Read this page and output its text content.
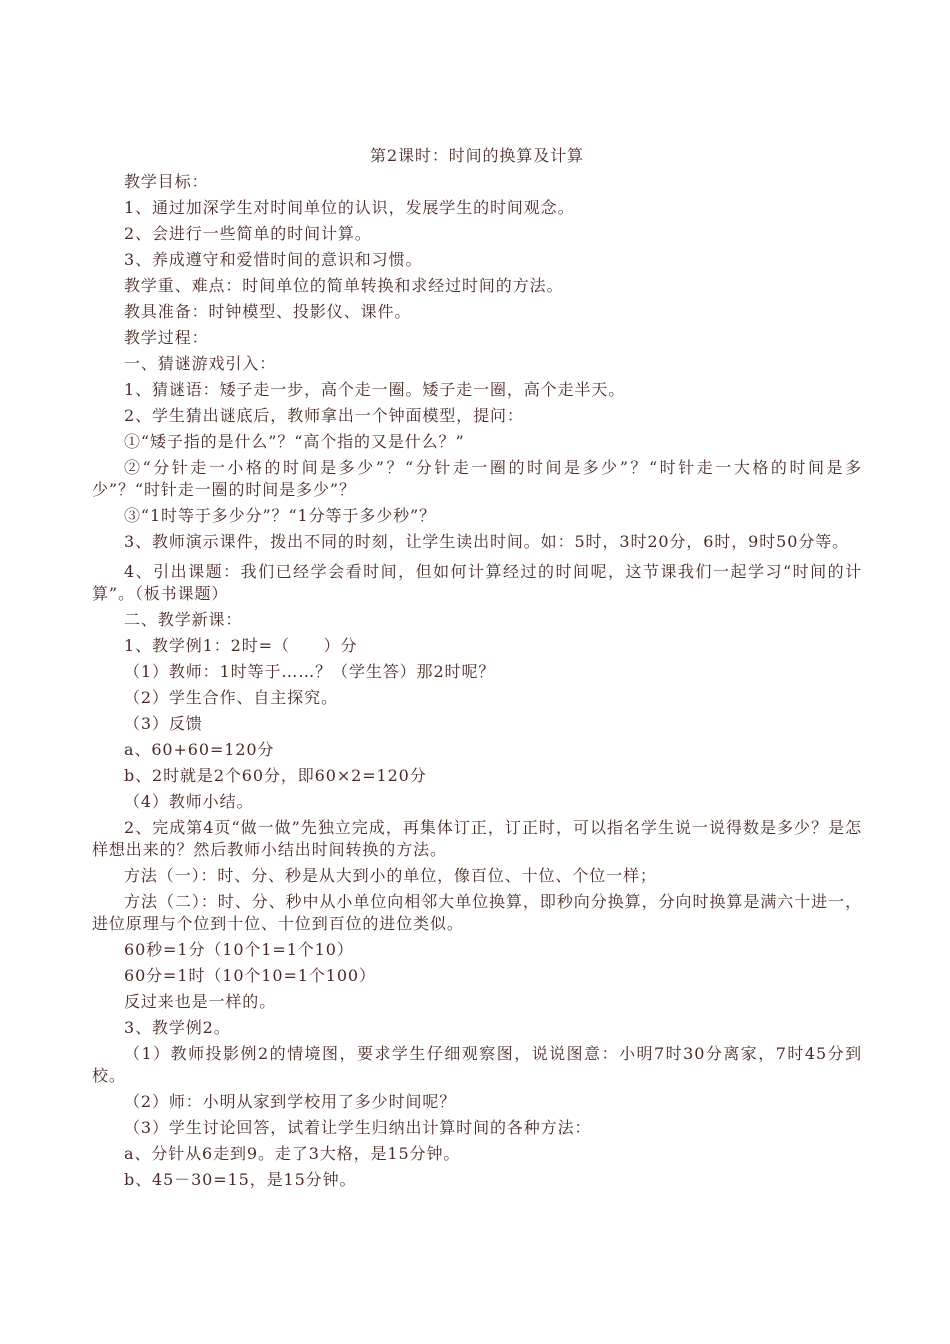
第2课时：时间的换算及计算

教学目标：

1、通过加深学生对时间单位的认识，发展学生的时间观念。

2、会进行一些简单的时间计算。

3、养成遵守和爱惜时间的意识和习惯。

教学重、难点：时间单位的简单转换和求经过时间的方法。

教具准备：时钟模型、投影仪、课件。

教学过程：

一、猜谜游戏引入：

1、猜谜语：矮子走一步，高个走一圈。矮子走一圈，高个走半天。

2、学生猜出谜底后，教师拿出一个钟面模型，提问：

①“矮子指的是什么”？“高个指的又是什么？”

②“分针走一小格的时间是多少”？“分针走一圈的时间是多少”？“时针走一大格的时间是多少”？“时针走一圈的时间是多少”？

③“1时等于多少分”？“1分等于多少秒”？

3、教师演示课件，拨出不同的时刻，让学生读出时间。如：5时，3时20分，6时，9时50分等。

4、引出课题：我们已经学会看时间，但如何计算经过的时间呢，这节课我们一起学习“时间的计算”。（板书课题）

二、教学新课：

1、教学例1：2时=（　　）分

（1）教师：1时等于……？（学生答）那2时呢？

（2）学生合作、自主探究。

（3）反馈

a、60+60=120分

b、2时就是2个60分，即60×2=120分

（4）教师小结。

2、完成第4页“做一做”先独立完成，再集体订正，订正时，可以指名学生说一说得数是多少？是怎样想出来的？然后教师小结出时间转换的方法。

方法（一）：时、分、秒是从大到小的单位，像百位、十位、个位一样；

方法（二）：时、分、秒中从小单位向相邻大单位换算，即秒向分换算，分向时换算是满六十进一，进位原理与个位到十位、十位到百位的进位类似。

60秒=1分（10个1=1个10）

60分=1时（10个10=1个100）

反过来也是一样的。

3、教学例2。

（1）教师投影例2的情境图，要求学生仔细观察图，说说图意：小明7时30分离家，7时45分到校。

（2）师：小明从家到学校用了多少时间呢？

（3）学生讨论回答，试着让学生归纳出计算时间的各种方法：

a、分针从6走到9。走了3大格，是15分钟。

b、45－30=15，是15分钟。
